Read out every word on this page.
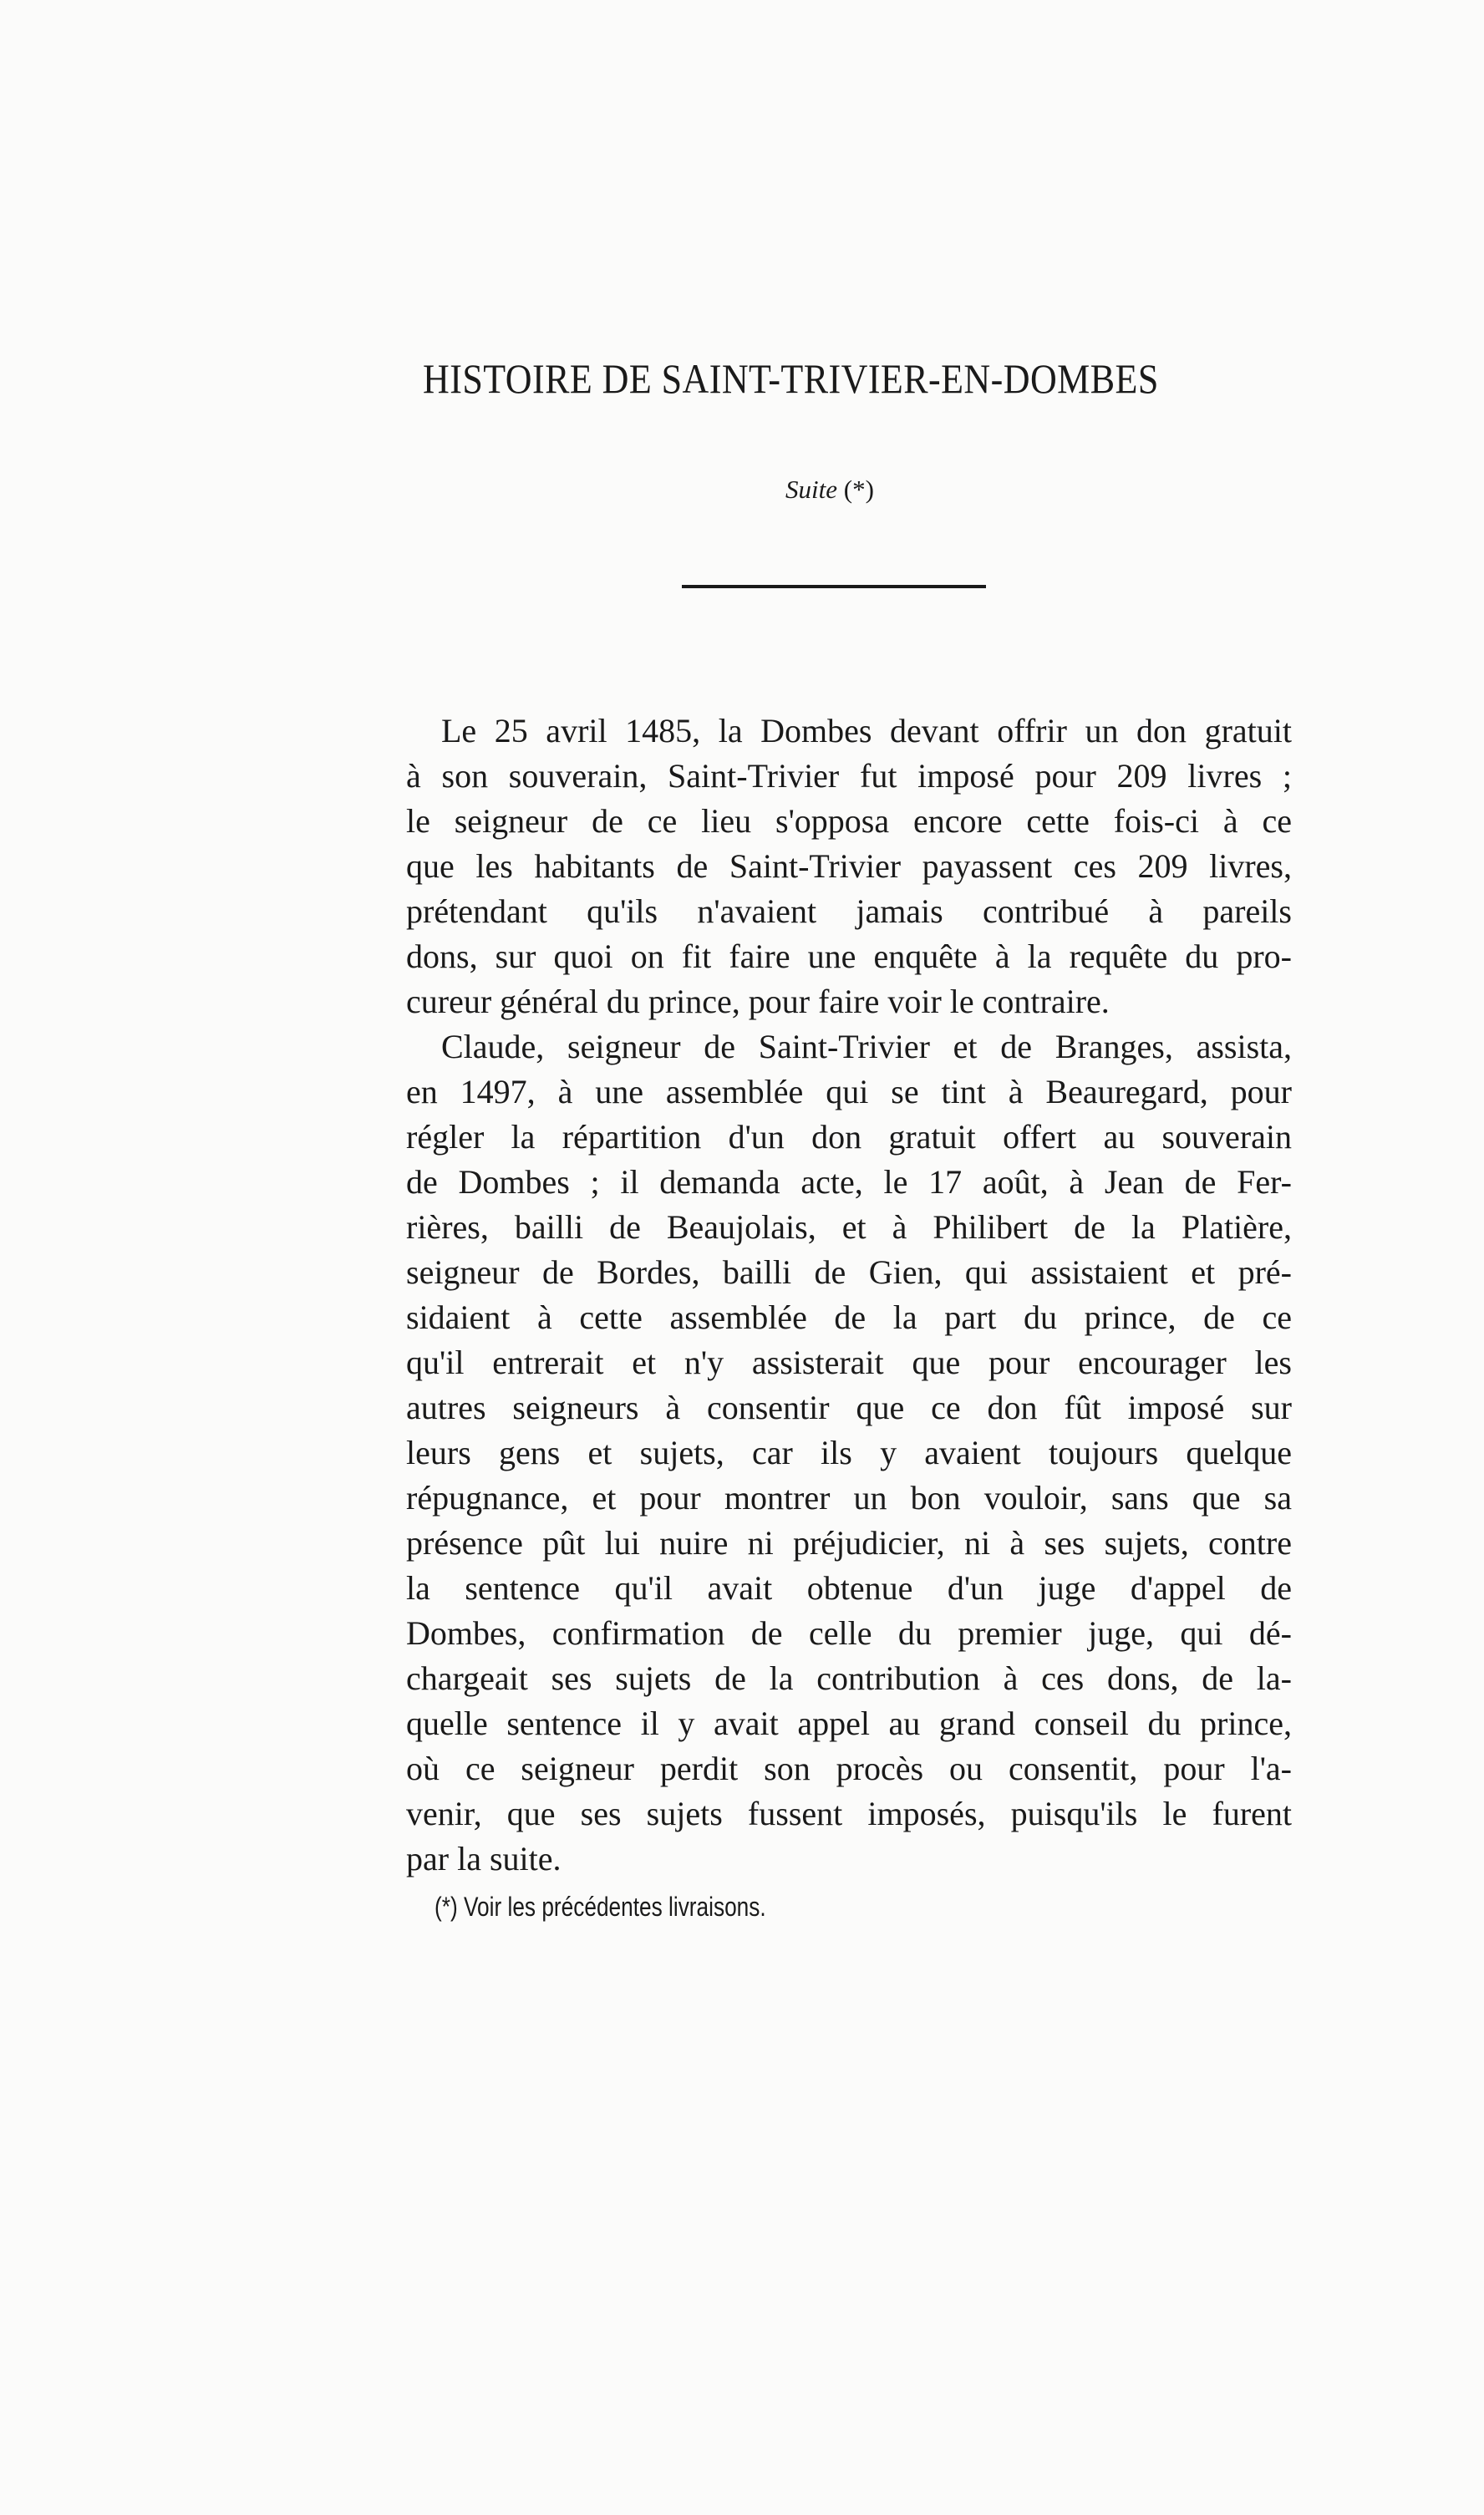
HISTOIRE DE SAINT-TRIVIER-EN-DOMBES
Suite (*)
Le 25 avril 1485, la Dombes devant offrir un don gratuit
à son souverain, Saint-Trivier fut imposé pour 209 livres ;
le seigneur de ce lieu s'opposa encore cette fois-ci à ce
que les habitants de Saint-Trivier payassent ces 209 livres,
prétendant qu'ils n'avaient jamais contribué à pareils
dons, sur quoi on fit faire une enquête à la requête du pro-
cureur général du prince, pour faire voir le contraire.
Claude, seigneur de Saint-Trivier et de Branges, assista,
en 1497, à une assemblée qui se tint à Beauregard, pour
régler la répartition d'un don gratuit offert au souverain
de Dombes ; il demanda acte, le 17 août, à Jean de Fer-
rières, bailli de Beaujolais, et à Philibert de la Platière,
seigneur de Bordes, bailli de Gien, qui assistaient et pré-
sidaient à cette assemblée de la part du prince, de ce
qu'il entrerait et n'y assisterait que pour encourager les
autres seigneurs à consentir que ce don fût imposé sur
leurs gens et sujets, car ils y avaient toujours quelque
répugnance, et pour montrer un bon vouloir, sans que sa
présence pût lui nuire ni préjudicier, ni à ses sujets, contre
la sentence qu'il avait obtenue d'un juge d'appel de
Dombes, confirmation de celle du premier juge, qui dé-
chargeait ses sujets de la contribution à ces dons, de la-
quelle sentence il y avait appel au grand conseil du prince,
où ce seigneur perdit son procès ou consentit, pour l'a-
venir, que ses sujets fussent imposés, puisqu'ils le furent
par la suite.
(*) Voir les précédentes livraisons.
